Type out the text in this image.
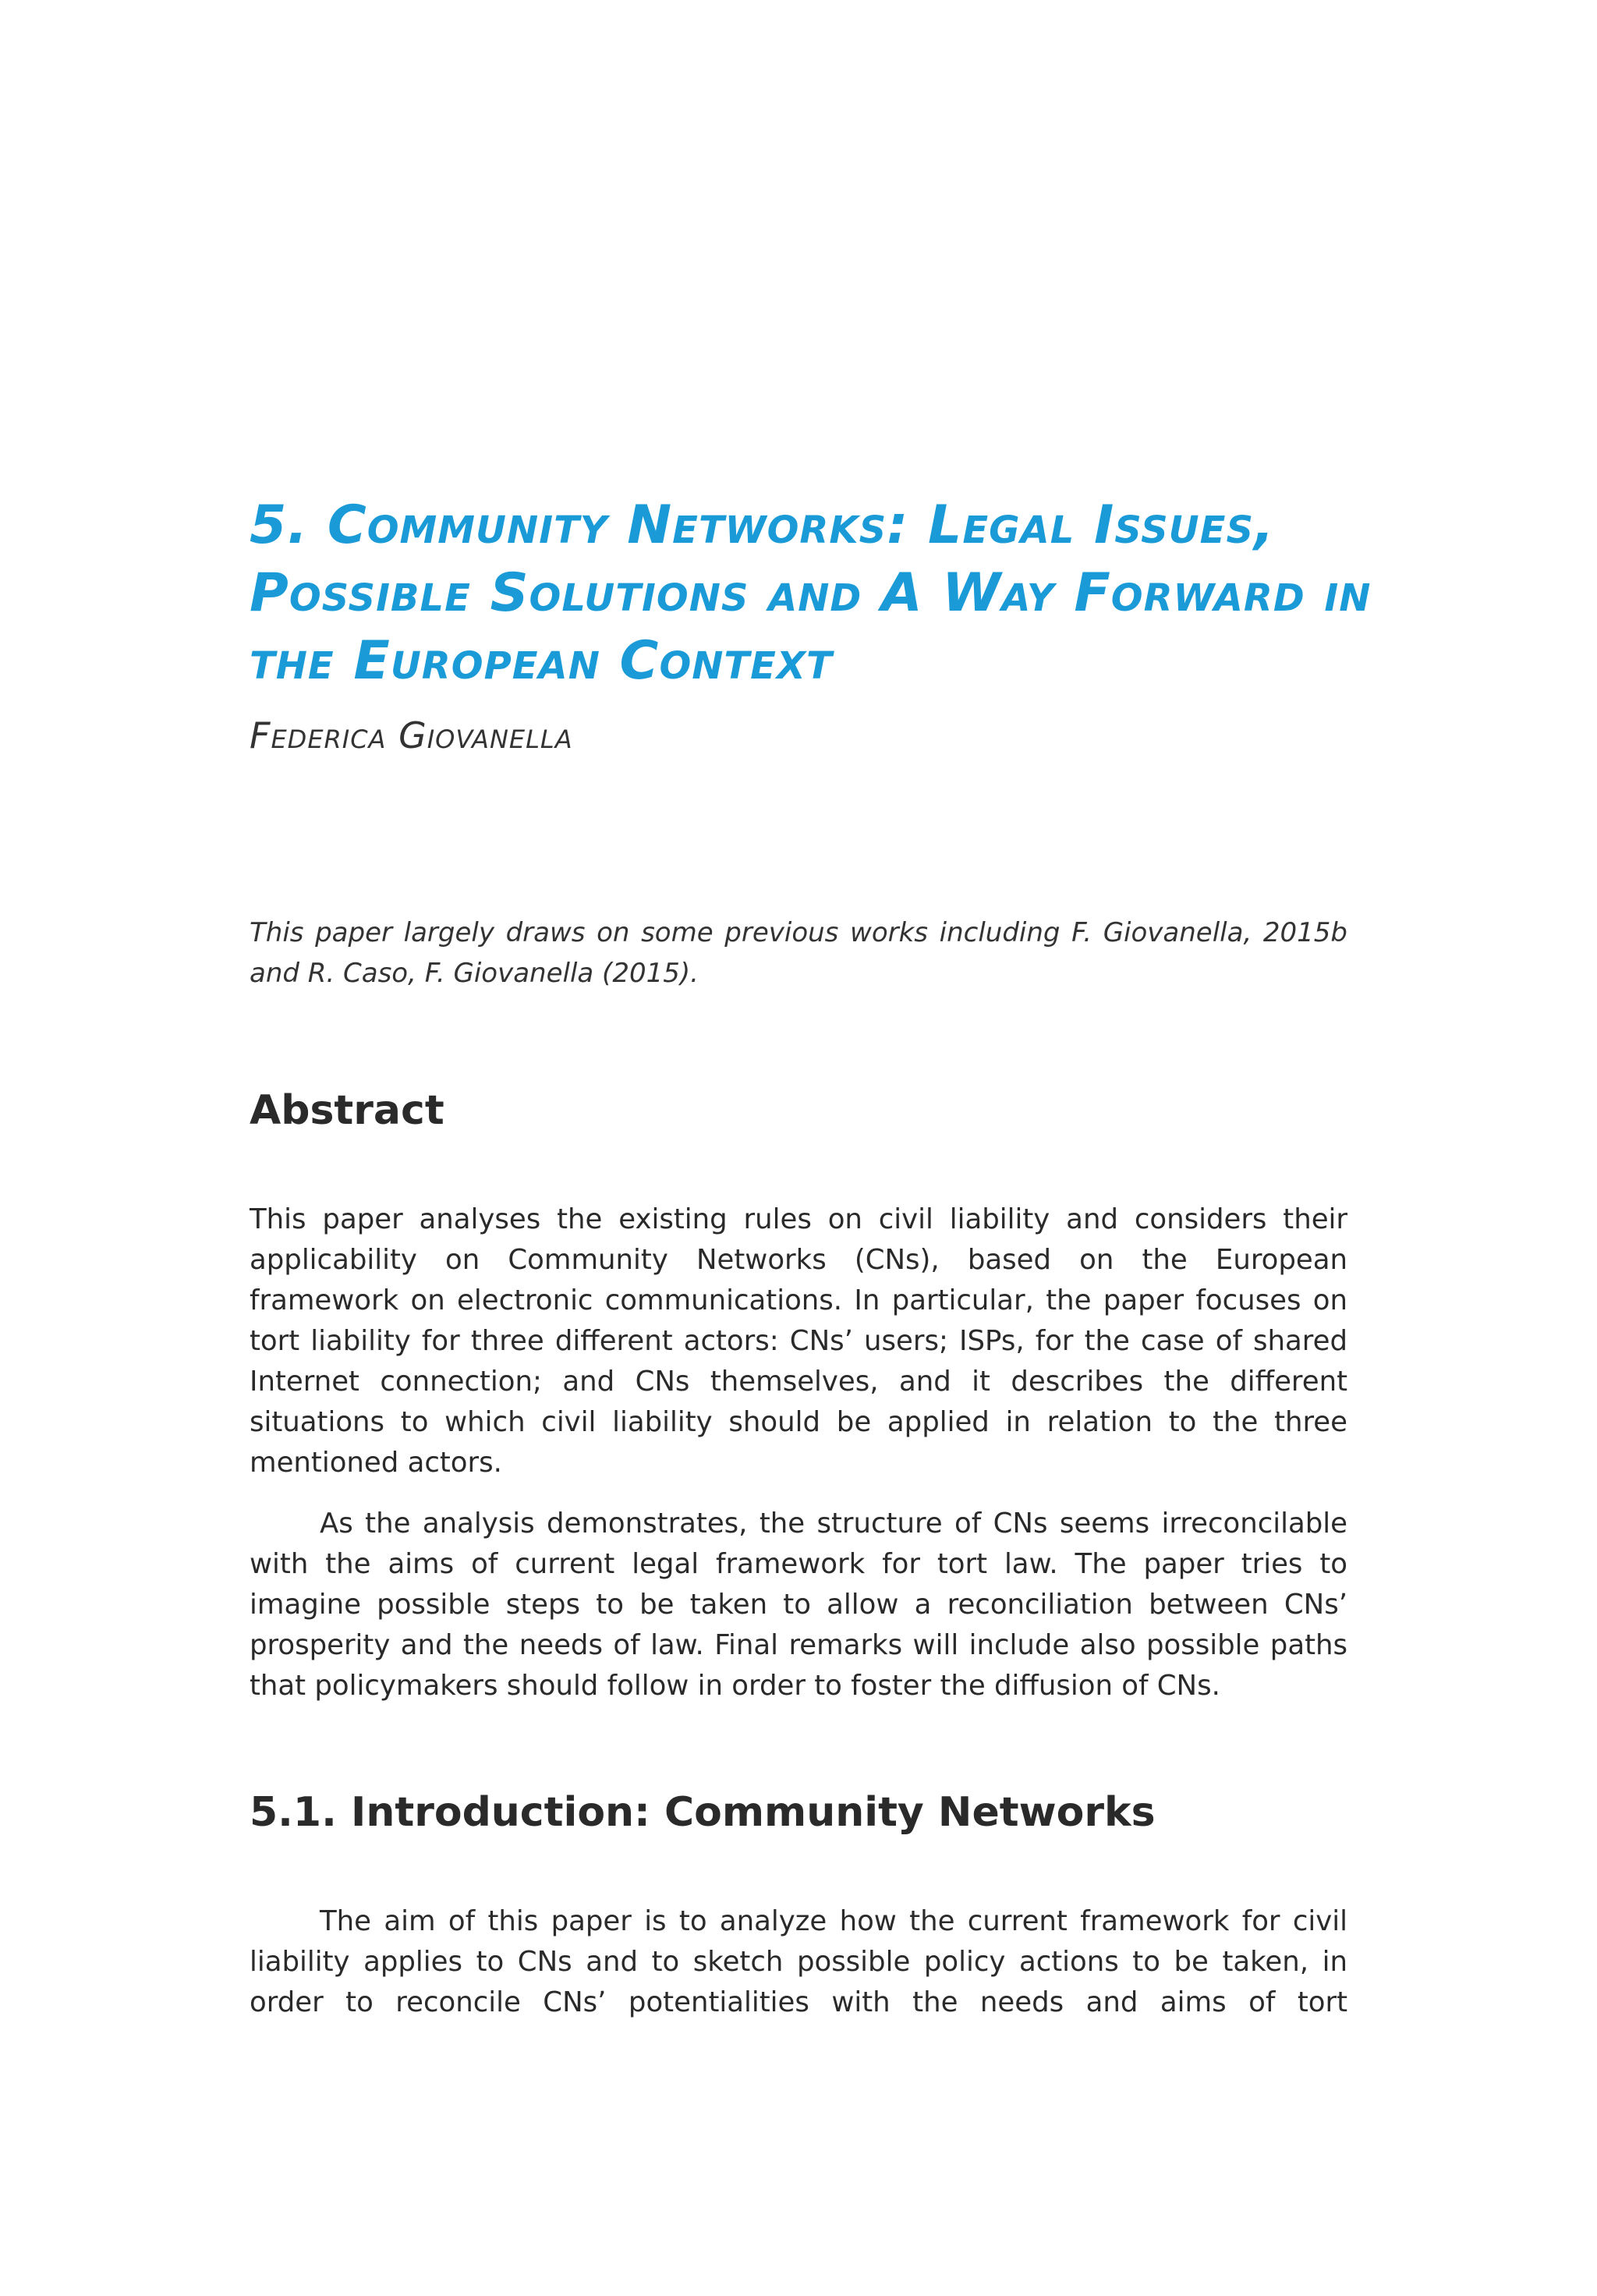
5. Community Networks: Legal Issues,
Possible Solutions and A Way Forward in
the European Context
Federica Giovanella

This paper largely draws on some previous works including F. Giovanella, 2015b and R. Caso, F. Giovanella (2015).

Abstract

This paper analyses the existing rules on civil liability and considers their applicability on Community Networks (CNs), based on the European framework on electronic communications. In particular, the paper focuses on tort liability for three different actors: CNs’ users; ISPs, for the case of shared Internet connection; and CNs themselves, and it describes the different situations to which civil liability should be applied in relation to the three mentioned actors.

As the analysis demonstrates, the structure of CNs seems irreconcilable with the aims of current legal framework for tort law. The paper tries to imagine possible steps to be taken to allow a reconciliation between CNs’ prosperity and the needs of law. Final remarks will include also possible paths that policymakers should follow in order to foster the diffusion of CNs.

5.1. Introduction: Community Networks

The aim of this paper is to analyze how the current framework for civil liability applies to CNs and to sketch possible policy actions to be taken, in order to reconcile CNs’ potentialities with the needs and aims of tort
